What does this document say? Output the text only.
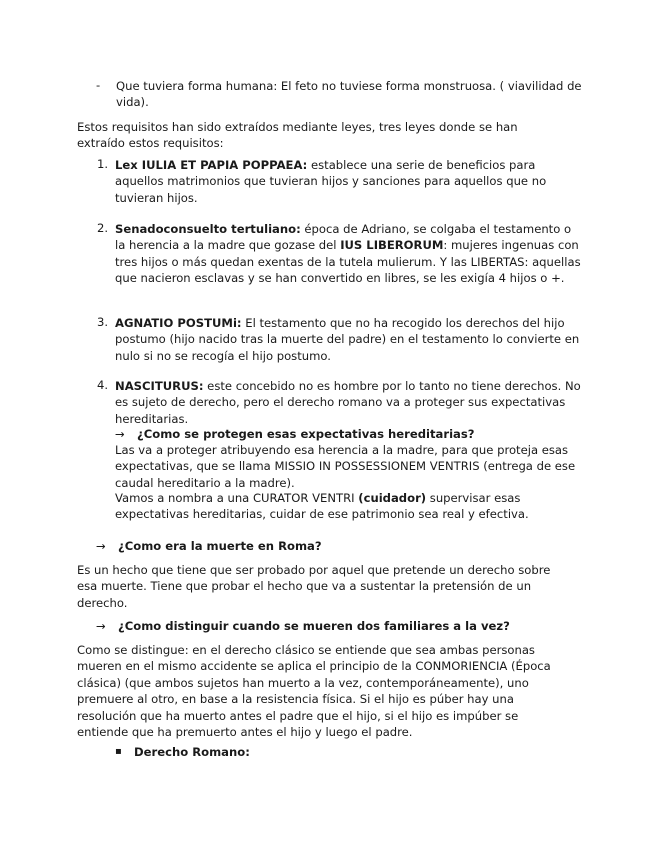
- Que tuviera forma humana: El feto no tuviese forma monstruosa. ( viavilidad de vida).
Estos requisitos han sido extraídos mediante leyes, tres leyes donde se han extraído estos requisitos:
1. Lex IULIA ET PAPIA POPPAEA: establece una serie de beneficios para aquellos matrimonios que tuvieran hijos y sanciones para aquellos que no tuvieran hijos.
2. Senadoconsuelto tertuliano: época de Adriano, se colgaba el testamento o la herencia a la madre que gozase del IUS LIBERORUM: mujeres ingenuas con tres hijos o más quedan exentas de la tutela mulierum. Y las LIBERTAS: aquellas que nacieron esclavas y se han convertido en libres, se les exigía 4 hijos o +.
3. AGNATIO POSTUMi: El testamento que no ha recogido los derechos del hijo postumo (hijo nacido tras la muerte del padre) en el testamento lo convierte en nulo si no se recogía el hijo postumo.
4. NASCITURUS: este concebido no es hombre por lo tanto no tiene derechos. No es sujeto de derecho, pero el derecho romano va a proteger sus expectativas hereditarias.
→ ¿Como se protegen esas expectativas hereditarias?
Las va a proteger atribuyendo esa herencia a la madre, para que proteja esas expectativas, que se llama MISSIO IN POSSESSIONEM VENTRIS (entrega de ese caudal hereditario a la madre).
Vamos a nombra a una CURATOR VENTRI (cuidador) supervisar esas expectativas hereditarias, cuidar de ese patrimonio sea real y efectiva.
→ ¿Como era la muerte en Roma?
Es un hecho que tiene que ser probado por aquel que pretende un derecho sobre esa muerte. Tiene que probar el hecho que va a sustentar la pretensión de un derecho.
→ ¿Como distinguir cuando se mueren dos familiares a la vez?
Como se distingue: en el derecho clásico se entiende que sea ambas personas mueren en el mismo accidente se aplica el principio de la CONMORIENCIA (Época clásica) (que ambos sujetos han muerto a la vez, contemporáneamente), uno premuere al otro, en base a la resistencia física. Si el hijo es púber hay una resolución que ha muerto antes el padre que el hijo, si el hijo es impúber se entiende que ha premuerto antes el hijo y luego el padre.
▪ Derecho Romano:
